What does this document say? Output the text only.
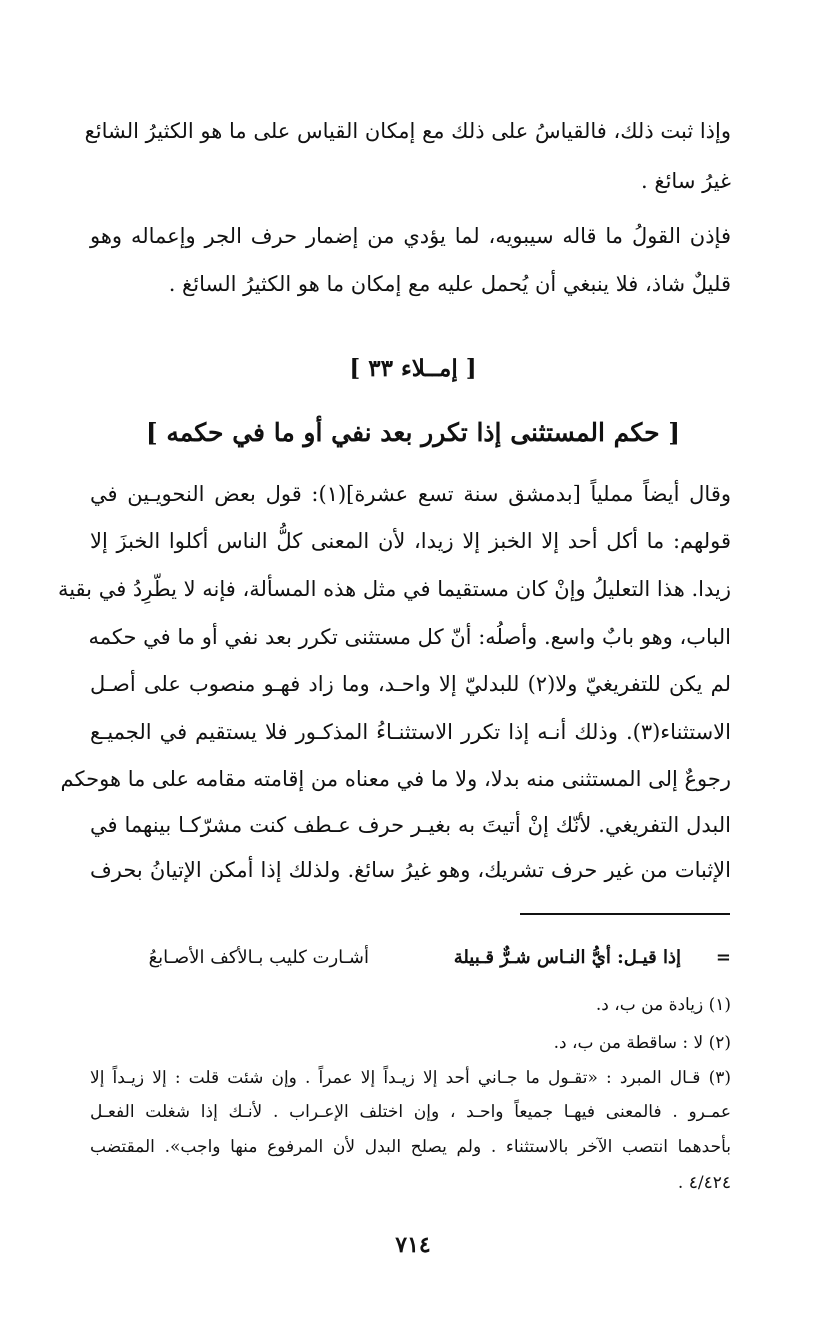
وإذا ثبت ذلك، فالقياسُ على ذلك مع إمكان القياس على ما هو الكثيرُ الشائع
غيرُ سائغ .
فإذن القولُ ما قاله سيبويه، لما يؤدي من إضمار حرف الجر وإعماله وهو
قليلٌ شاذ، فلا ينبغي أن يُحمل عليه مع إمكان ما هو الكثيرُ السائغ .
[ إمــلاء ٣٣ ]
[ حكم المستثنى إذا تكرر بعد نفي أو ما في حكمه ]
وقال أيضاً مملياً [بدمشق سنة تسع عشرة](١): قول بعض النحويـين في
قولهم: ما أكل أحد إلا الخبز إلا زيدا، لأن المعنى كلُّ الناس أكلوا الخبزَ إلا
زيدا. هذا التعليلُ وإنْ كان مستقيما في مثل هذه المسألة، فإنه لا يطّرِدُ في بقية
الباب، وهو بابٌ واسع. وأصلُه: أنّ كل مستثنى تكرر بعد نفي أو ما في حكمه
لم يكن للتفريغيّ ولا(٢) للبدليّ إلا واحـد، وما زاد فهـو منصوب على أصـل
الاستثناء(٣). وذلك أنـه إذا تكرر الاستثنـاءُ المذكـور فلا يستقيم في الجميـع
رجوعٌ إلى المستثنى منه بدلا، ولا ما في معناه من إقامته مقامه على ما هوحكم
البدل التفريغي. لأنّك إنْ أتيتَ به بغيـر حرف عـطف كنت مشرّكـا بينهما في
الإثبات من غير حرف تشريك، وهو غيرُ سائغ. ولذلك إذا أمكن الإتيانُ بحرف
=
إذا قيـل: أيُّ النـاس شـرٌّ قـبيلة
أشـارت كليب بـالأكف الأصـابعُ
(١) زيادة من ب، د.
(٢) لا : ساقطة من ب، د.
(٣) قـال المبرد : «تقـول ما جـاني أحد إلا زيـداً إلا عمراً . وإن شئت قلت : إلا زيـداً إلا
عمـرو . فالمعنى فيهـا جميعاً واحـد ، وإن اختلف الإعـراب . لأنـك إذا شغلت الفعـل
بأحدهما انتصب الآخر بالاستثناء . ولم يصلح البدل لأن المرفوع منها واجب». المقتضب
٤/٤٢٤ .
٧١٤
